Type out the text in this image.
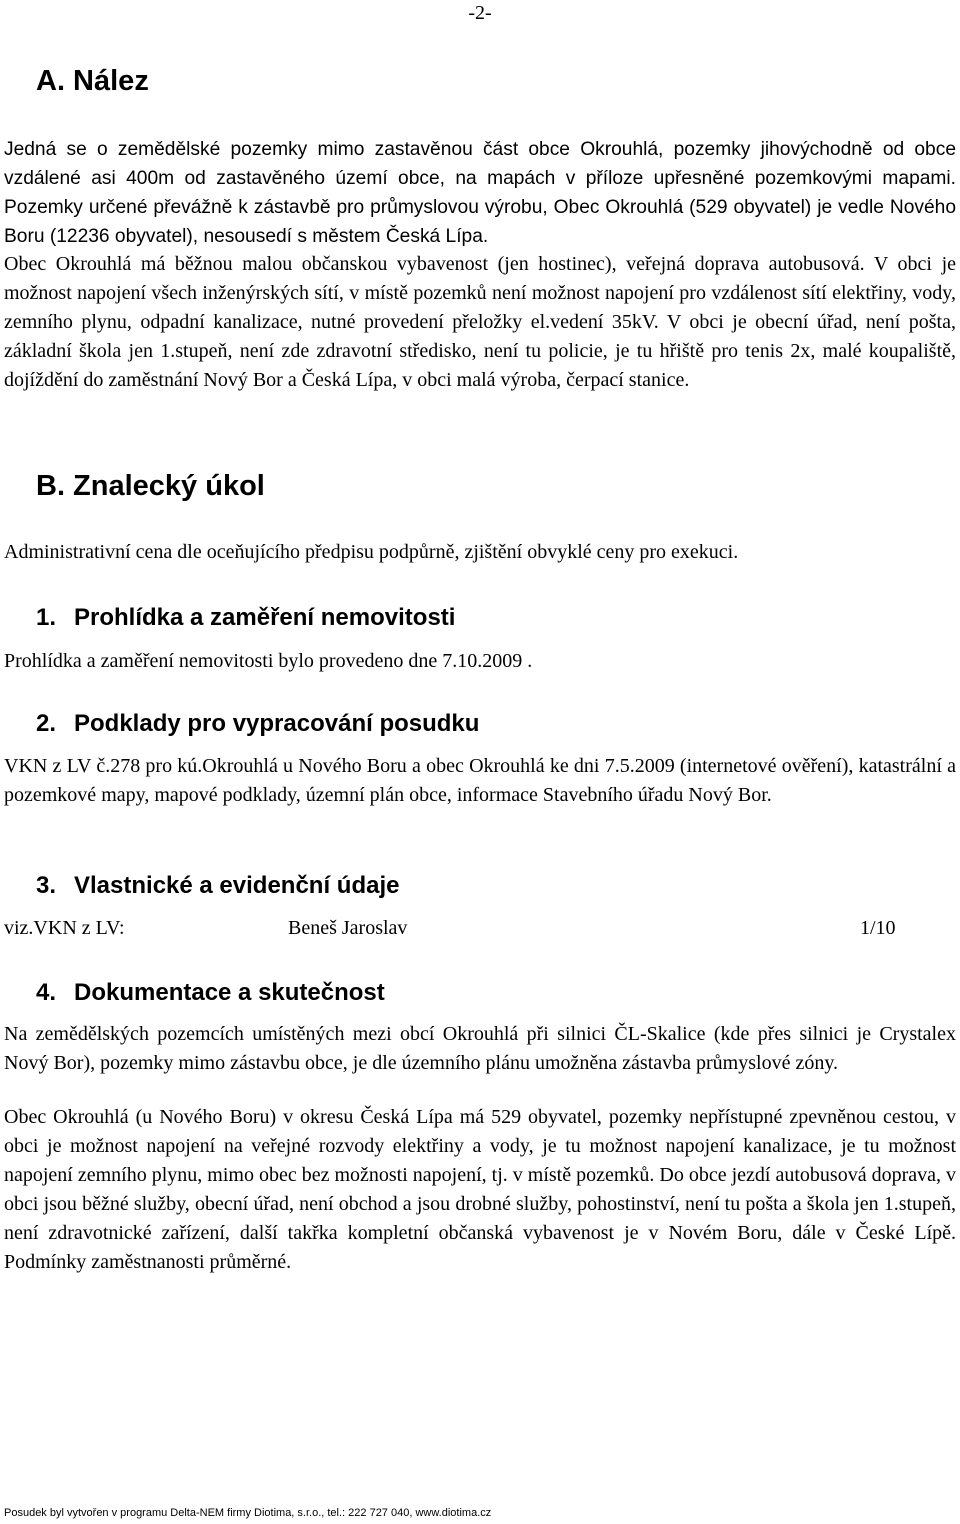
-2-
A. Nález

Jedná se o zemědělské pozemky mimo zastavěnou část obce Okrouhlá, pozemky jihovýchodně od obce vzdálené asi 400m od zastavěného území obce, na mapách v příloze upřesněné pozemkovými mapami. Pozemky určené převážně k zástavbě pro průmyslovou výrobu, Obec Okrouhlá (529 obyvatel) je vedle Nového Boru (12236 obyvatel), nesousedí s městem Česká Lípa.

Obec Okrouhlá má běžnou malou občanskou vybavenost (jen hostinec), veřejná doprava autobusová. V obci je možnost napojení všech inženýrských sítí, v místě pozemků není možnost napojení pro vzdálenost sítí elektřiny, vody, zemního plynu, odpadní kanalizace, nutné provedení přeložky el.vedení 35kV. V obci je obecní úřad, není pošta, základní škola jen 1.stupeň, není zde zdravotní středisko, není tu policie, je tu hřiště pro tenis 2x, malé koupaliště, dojíždění do zaměstnání Nový Bor a Česká Lípa, v obci malá výroba, čerpací stanice.

B. Znalecký úkol
Administrativní cena dle oceňujícího předpisu podpůrně, zjištění obvyklé ceny pro exekuci.
1. Prohlídka a zaměření nemovitosti
Prohlídka a zaměření nemovitosti bylo provedeno dne 7.10.2009 .
2. Podklady pro vypracování posudku

VKN z LV č.278 pro kú.Okrouhlá u Nového Boru a obec Okrouhlá ke dni 7.5.2009 (internetové ověření), katastrální a pozemkové mapy, mapové podklady, územní plán obce, informace Stavebního úřadu Nový Bor.

3. Vlastnické a evidenční údaje
viz.VKN z LV:	Beneš Jaroslav	1/10
4. Dokumentace a skutečnost

Na zemědělských pozemcích umístěných mezi obcí Okrouhlá při silnici ČL-Skalice (kde přes silnici je Crystalex Nový Bor), pozemky mimo zástavbu obce, je dle územního plánu umožněna zástavba průmyslové zóny.

Obec Okrouhlá (u Nového Boru) v okresu Česká Lípa má 529 obyvatel, pozemky nepřístupné zpevněnou cestou, v obci je možnost napojení na veřejné rozvody elektřiny a vody, je tu možnost napojení kanalizace, je tu možnost napojení zemního plynu, mimo obec bez možnosti napojení, tj. v místě pozemků. Do obce jezdí autobusová doprava, v obci jsou běžné služby, obecní úřad, není obchod a jsou drobné služby, pohostinství, není tu pošta a škola jen 1.stupeň, není zdravotnické zařízení, další takřka kompletní občanská vybavenost je v Novém Boru, dále v České Lípě. Podmínky zaměstnanosti průměrné.

Posudek byl vytvořen v programu Delta-NEM firmy Diotima, s.r.o., tel.: 222 727 040, www.diotima.cz
